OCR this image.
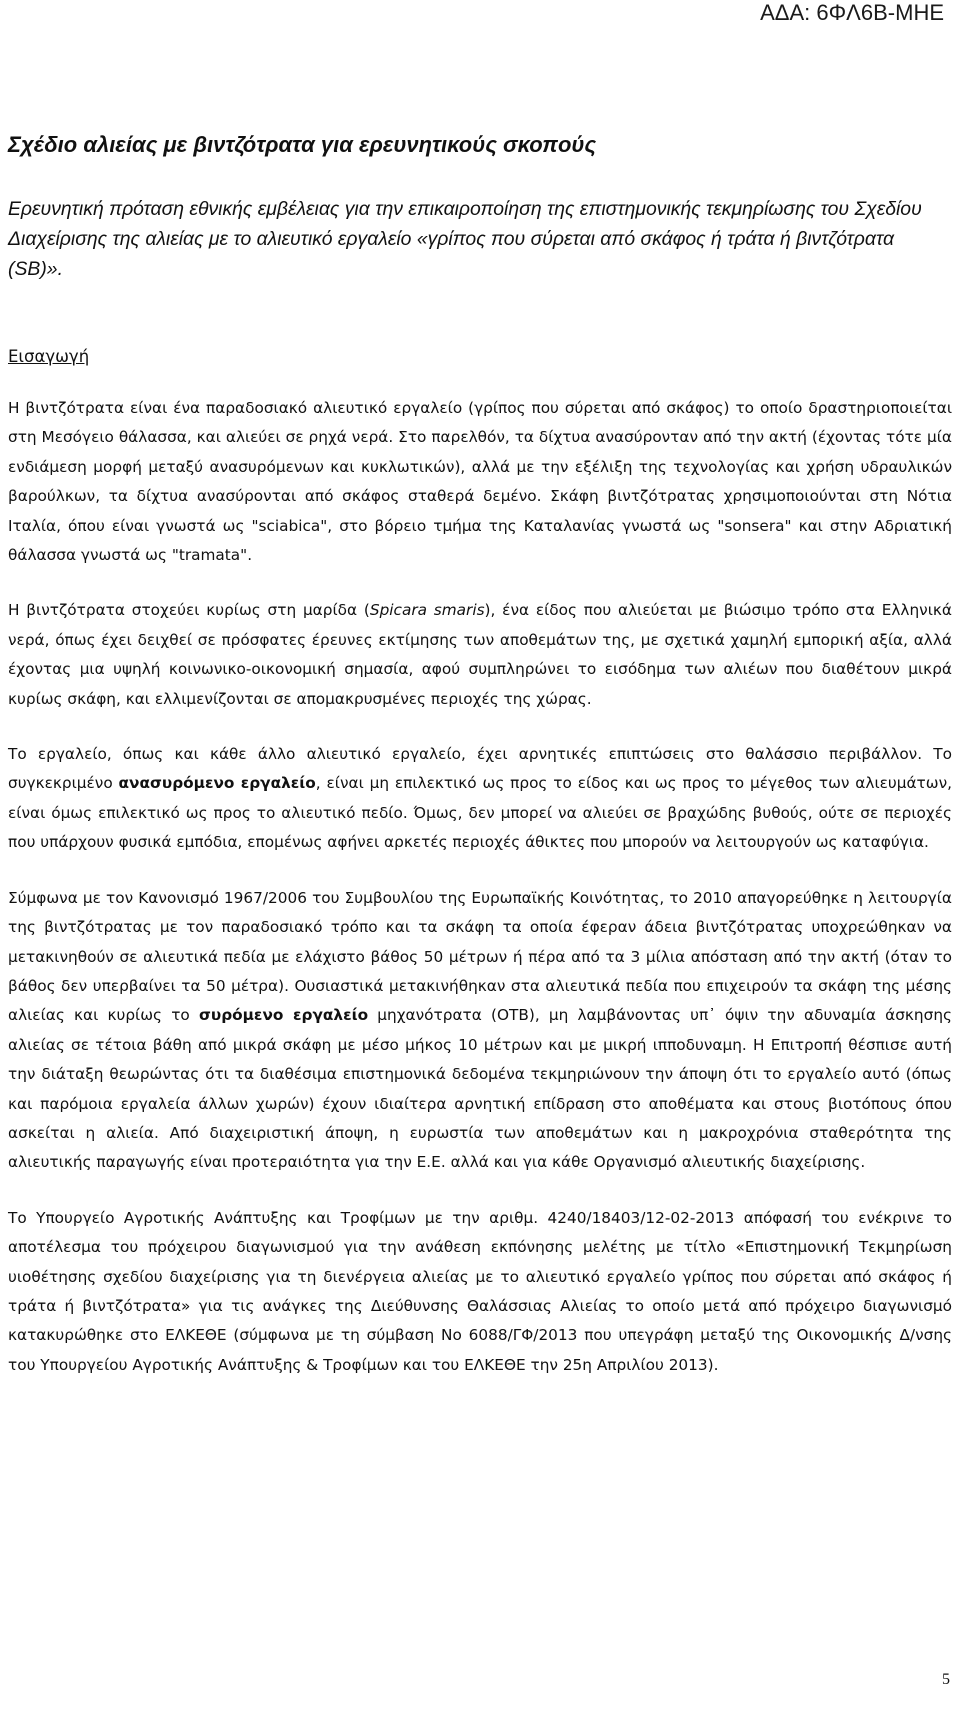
ΑΔΑ: 6ΦΛ6Β-ΜΗΕ
Σχέδιο αλιείας με βιντζότρατα για ερευνητικούς σκοπούς
Ερευνητική πρόταση εθνικής εμβέλειας για την επικαιροποίηση της επιστημονικής τεκμηρίωσης του Σχεδίου Διαχείρισης της αλιείας με το αλιευτικό εργαλείο «γρίπος που σύρεται από σκάφος ή τράτα ή βιντζότρατα (SB)».
Εισαγωγή

Η βιντζότρατα είναι ένα παραδοσιακό αλιευτικό εργαλείο (γρίπος που σύρεται από σκάφος) το οποίο δραστηριοποιείται στη Μεσόγειο θάλασσα, και αλιεύει σε ρηχά νερά. Στο παρελθόν, τα δίχτυα ανασύρονταν από την ακτή (έχοντας τότε μία ενδιάμεση μορφή μεταξύ ανασυρόμενων και κυκλωτικών), αλλά με την εξέλιξη της τεχνολογίας και χρήση υδραυλικών βαρούλκων, τα δίχτυα ανασύρονται από σκάφος σταθερά δεμένο. Σκάφη βιντζότρατας χρησιμοποιούνται στη Νότια Ιταλία, όπου είναι γνωστά ως "sciabica", στο βόρειο τμήμα της Καταλανίας γνωστά ως "sonsera" και στην Αδριατική θάλασσα γνωστά ως "tramata".

Η βιντζότρατα στοχεύει κυρίως στη μαρίδα (Spicara smaris), ένα είδος που αλιεύεται με βιώσιμο τρόπο στα Ελληνικά νερά, όπως έχει δειχθεί σε πρόσφατες έρευνες εκτίμησης των αποθεμάτων της, με σχετικά χαμηλή εμπορική αξία, αλλά έχοντας μια υψηλή κοινωνικο-οικονομική σημασία, αφού συμπληρώνει το εισόδημα των αλιέων που διαθέτουν μικρά κυρίως σκάφη, και ελλιμενίζονται σε απομακρυσμένες περιοχές της χώρας.

Το εργαλείο, όπως και κάθε άλλο αλιευτικό εργαλείο, έχει αρνητικές επιπτώσεις στο θαλάσσιο περιβάλλον. Το συγκεκριμένο ανασυρόμενο εργαλείο, είναι μη επιλεκτικό ως προς το είδος και ως προς το μέγεθος των αλιευμάτων, είναι όμως επιλεκτικό ως προς το αλιευτικό πεδίο. Όμως, δεν μπορεί να αλιεύει σε βραχώδης βυθούς, ούτε σε περιοχές που υπάρχουν φυσικά εμπόδια, επομένως αφήνει αρκετές περιοχές άθικτες που μπορούν να λειτουργούν ως καταφύγια.

Σύμφωνα με τον Κανονισμό 1967/2006 του Συμβουλίου της Ευρωπαϊκής Κοινότητας, το 2010 απαγορεύθηκε η λειτουργία της βιντζότρατας με τον παραδοσιακό τρόπο και τα σκάφη τα οποία έφεραν άδεια βιντζότρατας υποχρεώθηκαν να μετακινηθούν σε αλιευτικά πεδία με ελάχιστο βάθος 50 μέτρων ή πέρα από τα 3 μίλια απόσταση από την ακτή (όταν το βάθος δεν υπερβαίνει τα 50 μέτρα). Ουσιαστικά μετακινήθηκαν στα αλιευτικά πεδία που επιχειρούν τα σκάφη της μέσης αλιείας και κυρίως το συρόμενο εργαλείο μηχανότρατα (ΟΤΒ), μη λαμβάνοντας υπ᾽ όψιν την αδυναμία άσκησης αλιείας σε τέτοια βάθη από μικρά σκάφη με μέσο μήκος 10 μέτρων και με μικρή ιπποδυναμη. Η Επιτροπή θέσπισε αυτή την διάταξη θεωρώντας ότι τα διαθέσιμα επιστημονικά δεδομένα τεκμηριώνουν την άποψη ότι το εργαλείο αυτό (όπως και παρόμοια εργαλεία άλλων χωρών) έχουν ιδιαίτερα αρνητική επίδραση στο αποθέματα και στους βιοτόπους όπου ασκείται η αλιεία. Από διαχειριστική άποψη, η ευρωστία των αποθεμάτων και η μακροχρόνια σταθερότητα της αλιευτικής παραγωγής είναι προτεραιότητα για την Ε.Ε. αλλά και για κάθε Οργανισμό αλιευτικής διαχείρισης.

Το Υπουργείο Αγροτικής Ανάπτυξης και Τροφίμων με την αριθμ. 4240/18403/12-02-2013 απόφασή του ενέκρινε το αποτέλεσμα του πρόχειρου διαγωνισμού για την ανάθεση εκπόνησης μελέτης με τίτλο «Επιστημονική Τεκμηρίωση υιοθέτησης σχεδίου διαχείρισης για τη διενέργεια αλιείας με το αλιευτικό εργαλείο γρίπος που σύρεται από σκάφος ή τράτα ή βιντζότρατα» για τις ανάγκες της Διεύθυνσης Θαλάσσιας Αλιείας το οποίο μετά από πρόχειρο διαγωνισμό κατακυρώθηκε στο ΕΛΚΕΘΕ (σύμφωνα με τη σύμβαση Νο 6088/ΓΦ/2013 που υπεγράφη μεταξύ της Οικονομικής Δ/νσης του Υπουργείου Αγροτικής Ανάπτυξης & Τροφίμων και του ΕΛΚΕΘΕ την 25η Απριλίου 2013).

5
